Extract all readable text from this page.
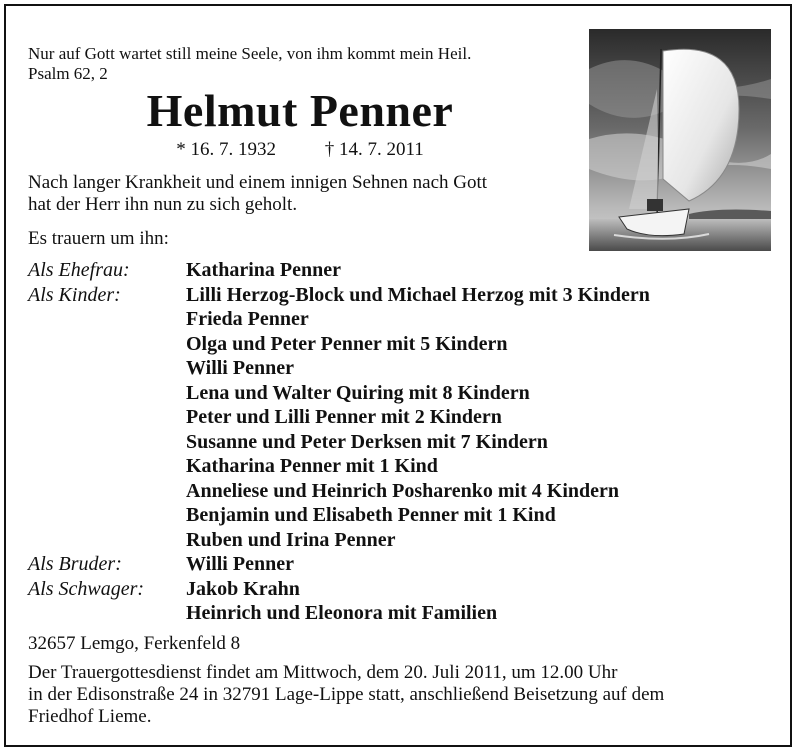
Nur auf Gott wartet still meine Seele, von ihm kommt mein Heil.
Psalm 62, 2
Helmut Penner
* 16. 7. 1932	† 14. 7. 2011
Nach langer Krankheit und einem innigen Sehnen nach Gott
hat der Herr ihn nun zu sich geholt.
Es trauern um ihn:
Als Ehefrau:	Katharina Penner
Als Kinder:	Lilli Herzog-Block und Michael Herzog mit 3 Kindern
Frieda Penner
Olga und Peter Penner mit 5 Kindern
Willi Penner
Lena und Walter Quiring mit 8 Kindern
Peter und Lilli Penner mit 2 Kindern
Susanne und Peter Derksen mit 7 Kindern
Katharina Penner mit 1 Kind
Anneliese und Heinrich Posharenko mit 4 Kindern
Benjamin und Elisabeth Penner mit 1 Kind
Ruben und Irina Penner
Als Bruder:	Willi Penner
Als Schwager: Jakob Krahn
Heinrich und Eleonora mit Familien
32657 Lemgo, Ferkenfeld 8
Der Trauergottesdienst findet am Mittwoch, dem 20. Juli 2011, um 12.00 Uhr
in der Edisonstraße 24 in 32791 Lage-Lippe statt, anschließend Beisetzung auf dem
Friedhof Lieme.
